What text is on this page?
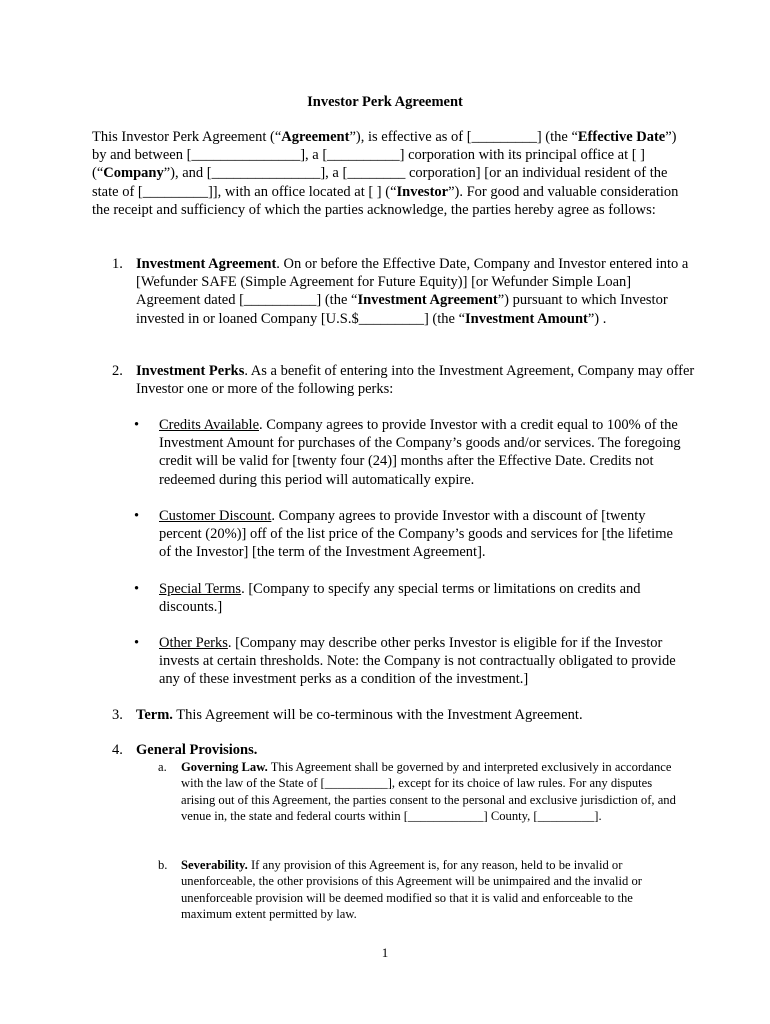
Investor Perk Agreement
This Investor Perk Agreement (“Agreement”), is effective as of [_________] (the “Effective Date”) by and between [_______________], a [__________] corporation with its principal office at [ ] (“Company”), and [_______________], a [________ corporation] [or an individual resident of the state of [_________]], with an office located at [ ] (“Investor”). For good and valuable consideration the receipt and sufficiency of which the parties acknowledge, the parties hereby agree as follows:
1. Investment Agreement. On or before the Effective Date, Company and Investor entered into a [Wefunder SAFE (Simple Agreement for Future Equity)] [or Wefunder Simple Loan] Agreement dated [__________] (the “Investment Agreement”) pursuant to which Investor invested in or loaned Company [U.S.$_________] (the “Investment Amount”) .
2. Investment Perks. As a benefit of entering into the Investment Agreement, Company may offer Investor one or more of the following perks:
• Credits Available. Company agrees to provide Investor with a credit equal to 100% of the Investment Amount for purchases of the Company’s goods and/or services. The foregoing credit will be valid for [twenty four (24)] months after the Effective Date. Credits not redeemed during this period will automatically expire.
• Customer Discount. Company agrees to provide Investor with a discount of [twenty percent (20%)] off of the list price of the Company’s goods and services for [the lifetime of the Investor] [the term of the Investment Agreement].
• Special Terms. [Company to specify any special terms or limitations on credits and discounts.]
• Other Perks. [Company may describe other perks Investor is eligible for if the Investor invests at certain thresholds. Note: the Company is not contractually obligated to provide any of these investment perks as a condition of the investment.]
3. Term. This Agreement will be co-terminous with the Investment Agreement.
4. General Provisions.
a. Governing Law. This Agreement shall be governed by and interpreted exclusively in accordance with the law of the State of [__________], except for its choice of law rules. For any disputes arising out of this Agreement, the parties consent to the personal and exclusive jurisdiction of, and venue in, the state and federal courts within [____________] County, [_________].
b. Severability. If any provision of this Agreement is, for any reason, held to be invalid or unenforceable, the other provisions of this Agreement will be unimpaired and the invalid or unenforceable provision will be deemed modified so that it is valid and enforceable to the maximum extent permitted by law.
1
